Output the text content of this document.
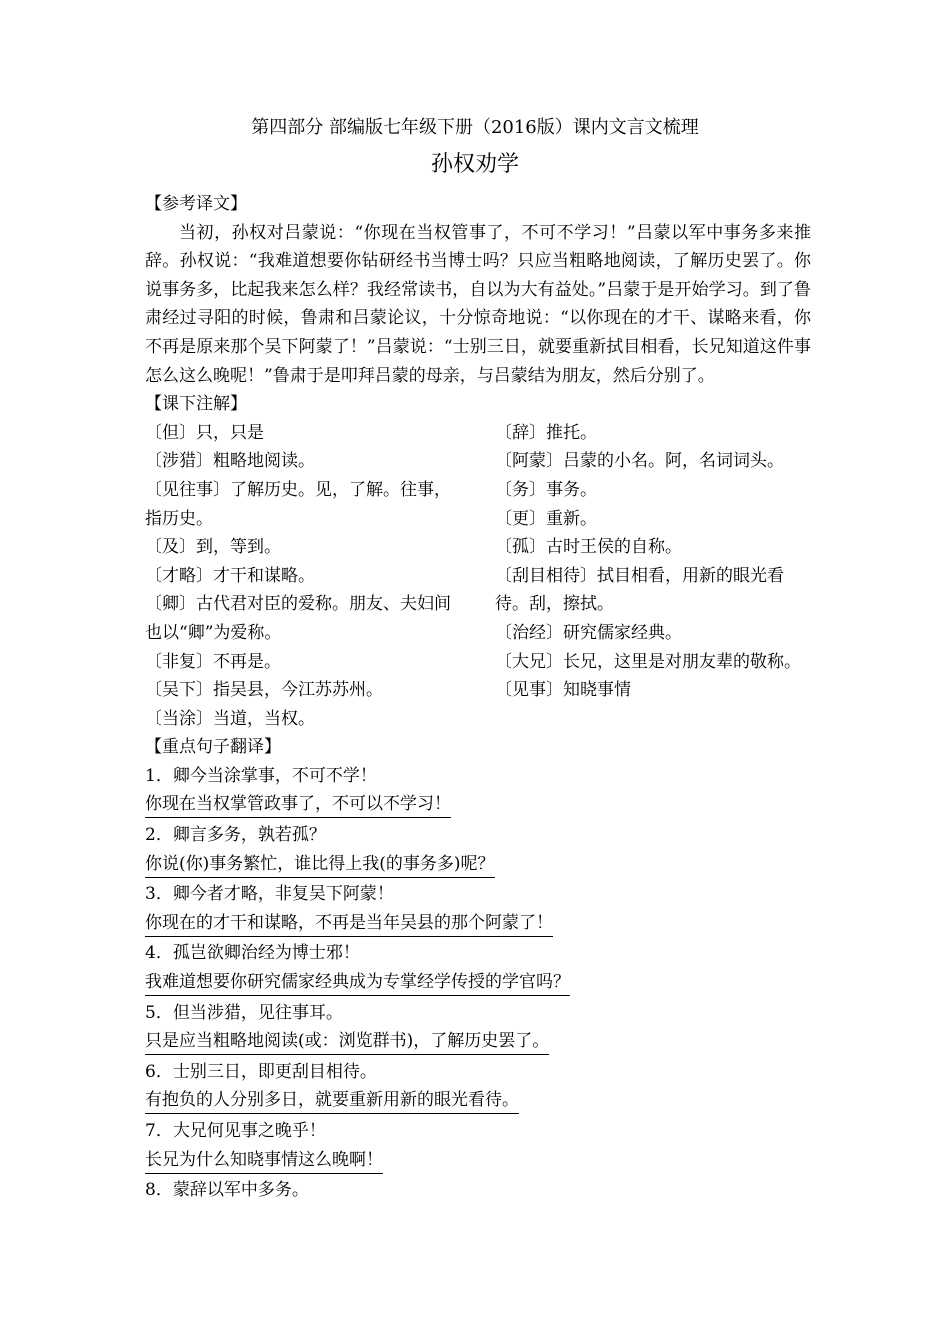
第四部分 部编版七年级下册（2016版）课内文言文梳理
孙权劝学
【参考译文】

当初，孙权对吕蒙说：“你现在当权管事了，不可不学习！”吕蒙以军中事务多来推辞。孙权说：“我难道想要你钻研经书当博士吗？只应当粗略地阅读，了解历史罢了。你说事务多，比起我来怎么样？我经常读书，自以为大有益处。”吕蒙于是开始学习。到了鲁肃经过寻阳的时候，鲁肃和吕蒙论议，十分惊奇地说：“以你现在的才干、谋略来看，你不再是原来那个吴下阿蒙了！”吕蒙说：“士别三日，就要重新拭目相看，长兄知道这件事怎么这么晚呢！”鲁肃于是叩拜吕蒙的母亲，与吕蒙结为朋友，然后分别了。

【课下注解】

〔但〕只，只是

〔涉猎〕粗略地阅读。

〔见往事〕了解历史。见，了解。往事，指历史。

〔及〕到，等到。

〔才略〕才干和谋略。

〔卿〕古代君对臣的爱称。朋友、夫妇间也以“卿”为爱称。

〔非复〕不再是。

〔吴下〕指吴县，今江苏苏州。

〔当涂〕当道，当权。

〔辞〕推托。

〔阿蒙〕吕蒙的小名。阿，名词词头。

〔务〕事务。

〔更〕重新。

〔孤〕古时王侯的自称。

〔刮目相待〕拭目相看，用新的眼光看待。刮，擦拭。

〔治经〕研究儒家经典。

〔大兄〕长兄，这里是对朋友辈的敬称。

〔见事〕知晓事情

【重点句子翻译】

1．卿今当涂掌事，不可不学！

你现在当权掌管政事了，不可以不学习！

2．卿言多务，孰若孤？

你说(你)事务繁忙，谁比得上我(的事务多)呢？

3．卿今者才略，非复吴下阿蒙！

你现在的才干和谋略，不再是当年吴县的那个阿蒙了！

4．孤岂欲卿治经为博士邪！

我难道想要你研究儒家经典成为专掌经学传授的学官吗？

5．但当涉猎，见往事耳。

只是应当粗略地阅读(或：浏览群书)，了解历史罢了。

6．士别三日，即更刮目相待。

有抱负的人分别多日，就要重新用新的眼光看待。

7．大兄何见事之晚乎！

长兄为什么知晓事情这么晚啊！

8．蒙辞以军中多务。
